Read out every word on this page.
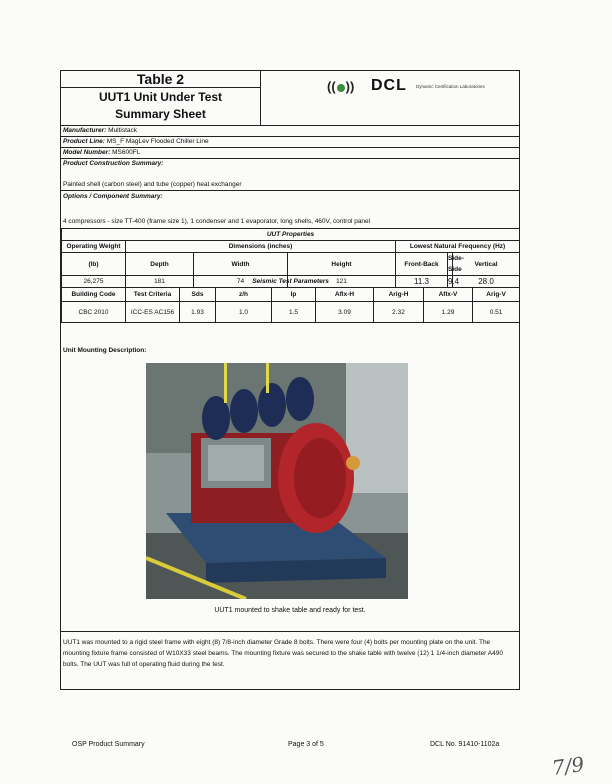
Table 2
UUT1 Unit Under Test
Summary Sheet
(( )) DCL Dynamic Certification Laboratories
Manufacturer: Multistack
Product Line: MS_F MagLev Flooded Chiller Line
Model Number: MS600FL
Product Construction Summary:
Painted shell (carbon steel) and tube (copper) heat exchanger
Options / Component Summary:
4 compressors - size TT-400 (frame size 1), 1 condenser and 1 evaporator, long shells, 460V, control panel
UUT Properties						
Operating Weight	Dimensions (inches)			Lowest Natural Frequency (Hz)		
(lb)	Depth	Width	Height	Front-Back	Side-Side	Vertical
26,275	181	74	121	11.3	9.4	28.0
Seismic Test Parameters								
Building Code	Test Criteria	Sds	z/h	Ip	Aflx-H	Arig-H	Aflx-V	Arig-V
CBC 2010	ICC-ES AC156	1.93	1.0	1.5	3.09	2.32	1.29	0.51
Unit Mounting Description:
UUT1 mounted to shake table and ready for test.
UUT1 was mounted to a rigid steel frame with eight (8) 7/8-inch diameter Grade 8 bolts. There were four (4) bolts per mounting plate on the unit. The mounting fixture frame consisted of W10X33 steel beams. The mounting fixture was secured to the shake table with twelve (12) 1 1/4-inch diameter A490 bolts. The UUT was full of operating fluid during the test.
OSP Product Summary	Page 3 of 5	DCL No. 91410-1102a
7/9
